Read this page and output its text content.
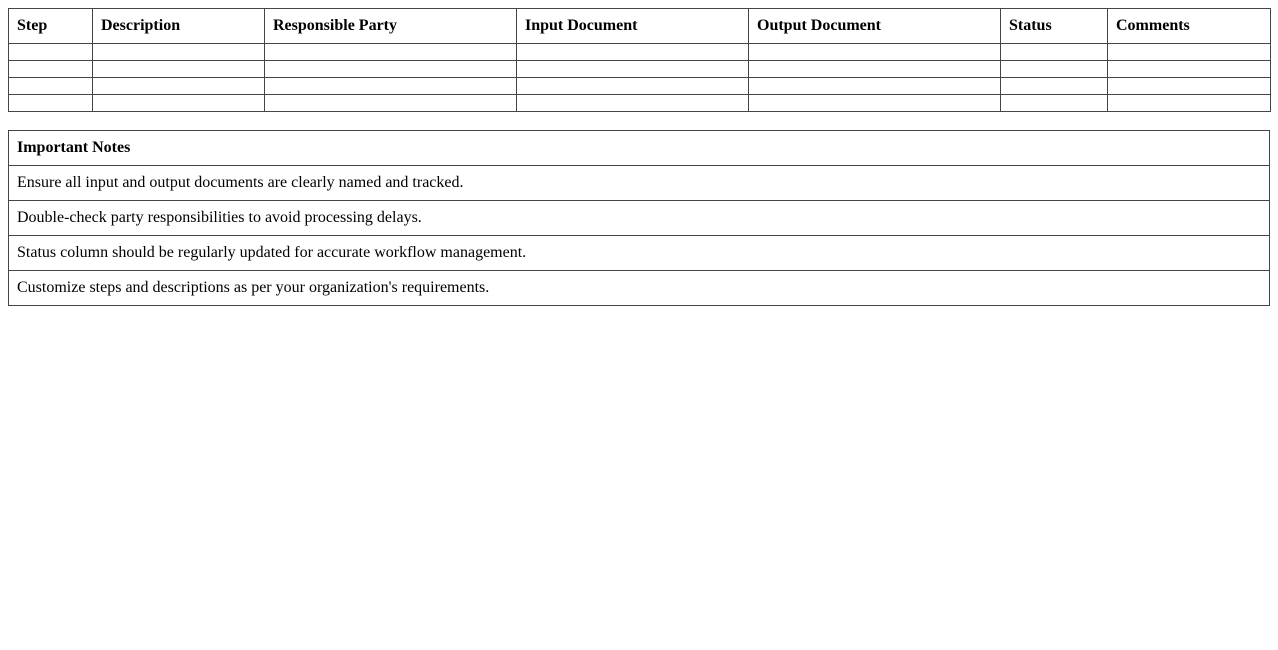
Step	Description	Responsible Party	Input Document	Output Document	Status	Comments

Important Notes
Ensure all input and output documents are clearly named and tracked.
Double-check party responsibilities to avoid processing delays.
Status column should be regularly updated for accurate workflow management.
Customize steps and descriptions as per your organization's requirements.
